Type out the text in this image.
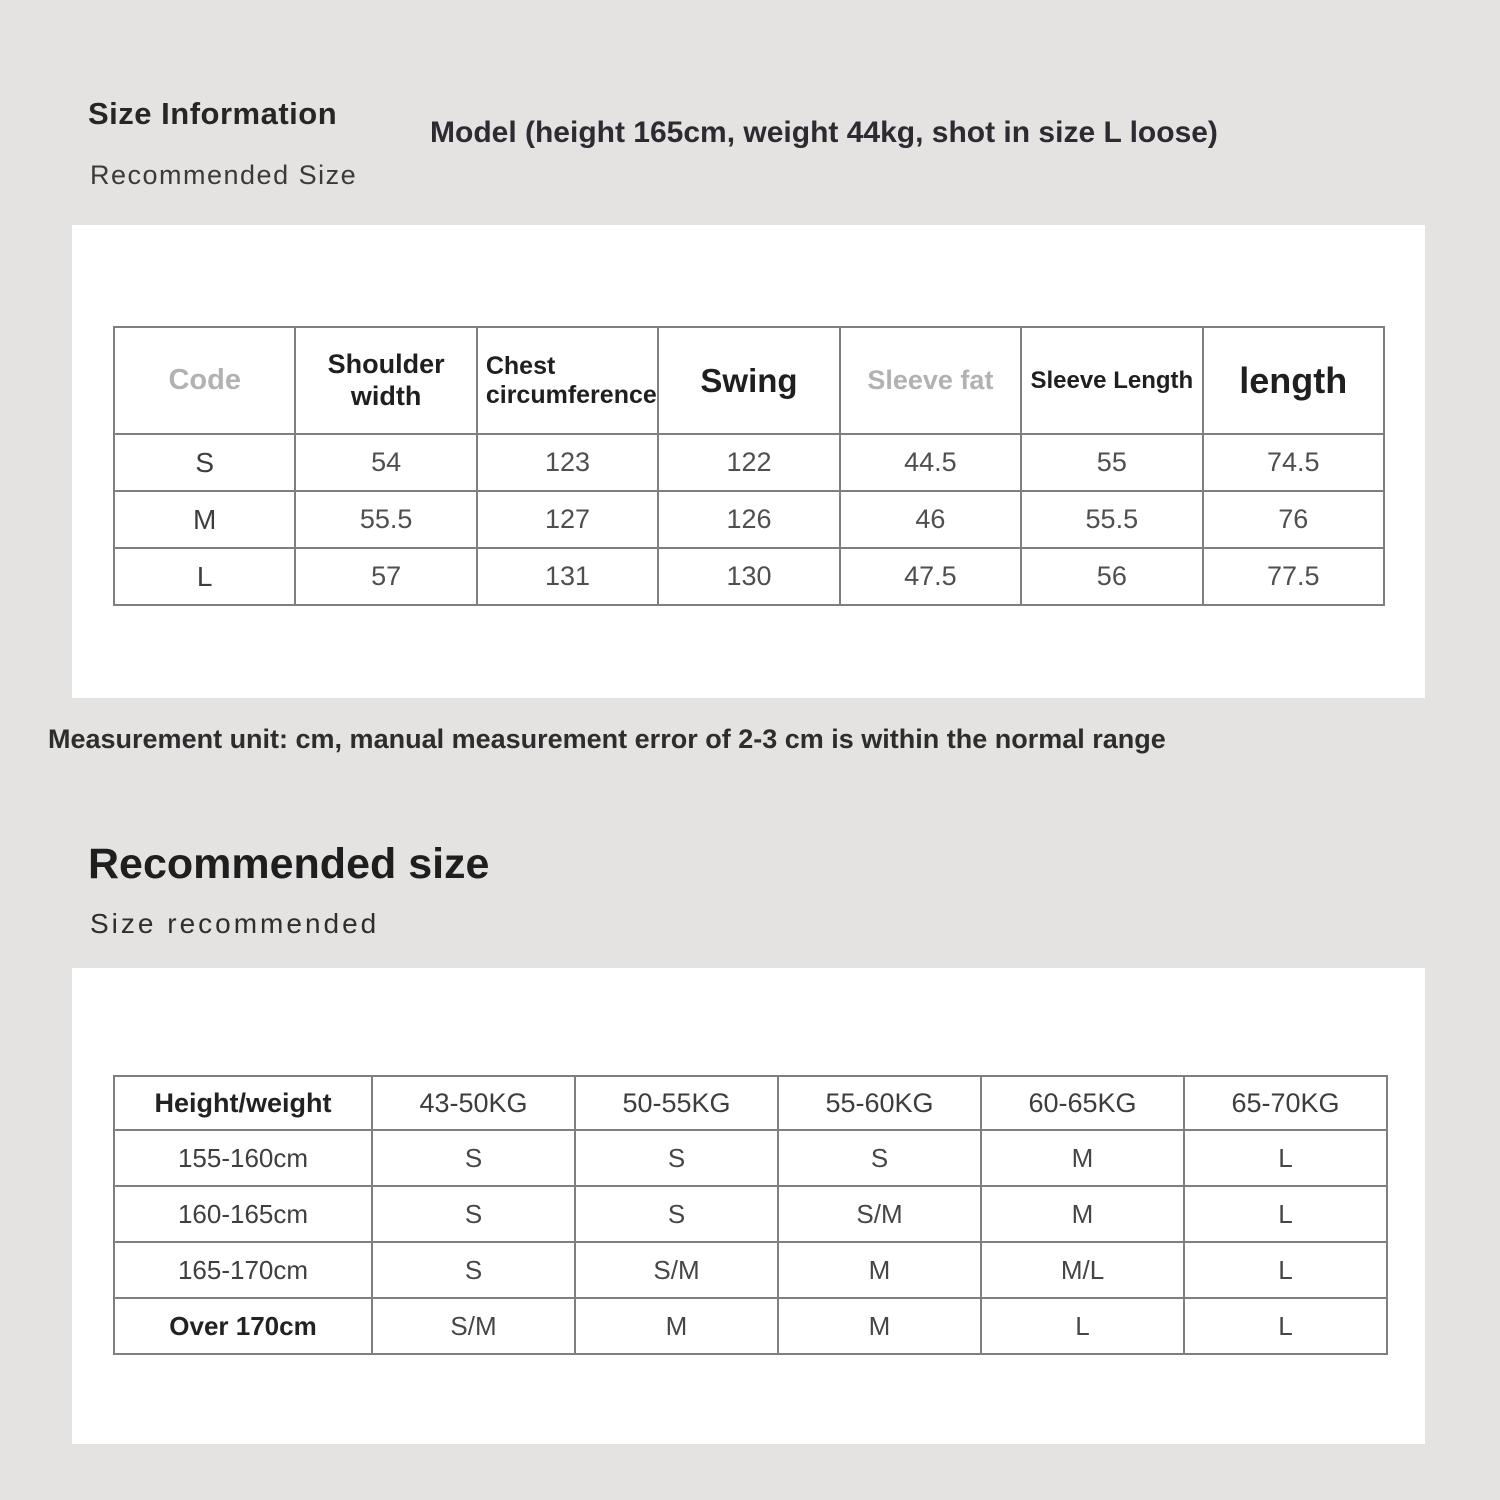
Size Information
Model (height 165cm, weight 44kg, shot in size L loose)
Recommended Size
Code	Shoulder width	Chest circumference	Swing	Sleeve fat	Sleeve Length	length
S	54	123	122	44.5	55	74.5
M	55.5	127	126	46	55.5	76
L	57	131	130	47.5	56	77.5
Measurement unit: cm, manual measurement error of 2-3 cm is within the normal range
Recommended size
Size recommended
Height/weight	43-50KG	50-55KG	55-60KG	60-65KG	65-70KG
155-160cm	S	S	S	M	L
160-165cm	S	S	S/M	M	L
165-170cm	S	S/M	M	M/L	L
Over 170cm	S/M	M	M	L	L
